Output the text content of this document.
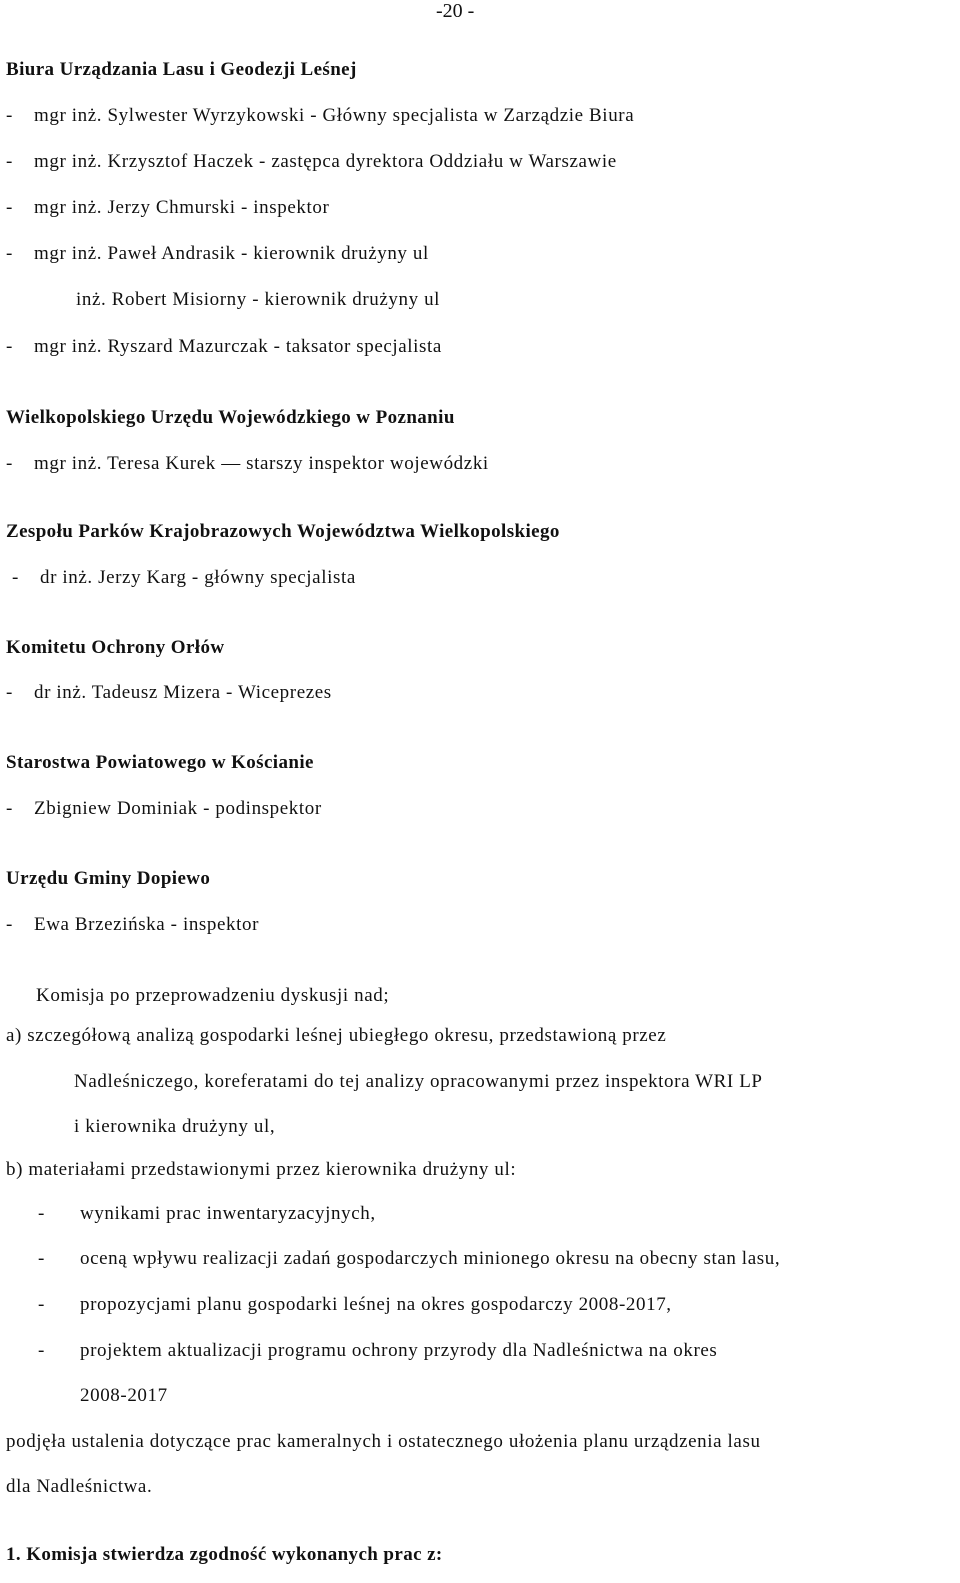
-20 -
Biura Urządzania Lasu i Geodezji Leśnej
- mgr inż. Sylwester Wyrzykowski - Główny specjalista w Zarządzie Biura
- mgr inż. Krzysztof Haczek - zastępca dyrektora Oddziału w Warszawie
- mgr inż. Jerzy Chmurski - inspektor
- mgr inż. Paweł Andrasik - kierownik drużyny ul
inż. Robert Misiorny - kierownik drużyny ul
- mgr inż. Ryszard Mazurczak - taksator specjalista
Wielkopolskiego Urzędu Wojewódzkiego w Poznaniu
- mgr inż. Teresa Kurek — starszy inspektor wojewódzki
Zespołu Parków Krajobrazowych Województwa Wielkopolskiego
- dr inż. Jerzy Karg - główny specjalista
Komitetu Ochrony Orłów
- dr inż. Tadeusz Mizera - Wiceprezes
Starostwa Powiatowego w Kościanie
- Zbigniew Dominiak - podinspektor
Urzędu Gminy Dopiewo
- Ewa Brzezińska - inspektor
Komisja po przeprowadzeniu dyskusji nad;
a) szczegółową analizą gospodarki leśnej ubiegłego okresu, przedstawioną przez
Nadleśniczego, koreferatami do tej analizy opracowanymi przez inspektora WRI LP
i kierownika drużyny ul,
b) materiałami przedstawionymi przez kierownika drużyny ul:
- wynikami prac inwentaryzacyjnych,
- oceną wpływu realizacji zadań gospodarczych minionego okresu na obecny stan lasu,
- propozycjami planu gospodarki leśnej na okres gospodarczy 2008-2017,
- projektem aktualizacji programu ochrony przyrody dla Nadleśnictwa na okres
2008-2017
podjęła ustalenia dotyczące prac kameralnych i ostatecznego ułożenia planu urządzenia lasu
dla Nadleśnictwa.
1. Komisja stwierdza zgodność wykonanych prac z:
